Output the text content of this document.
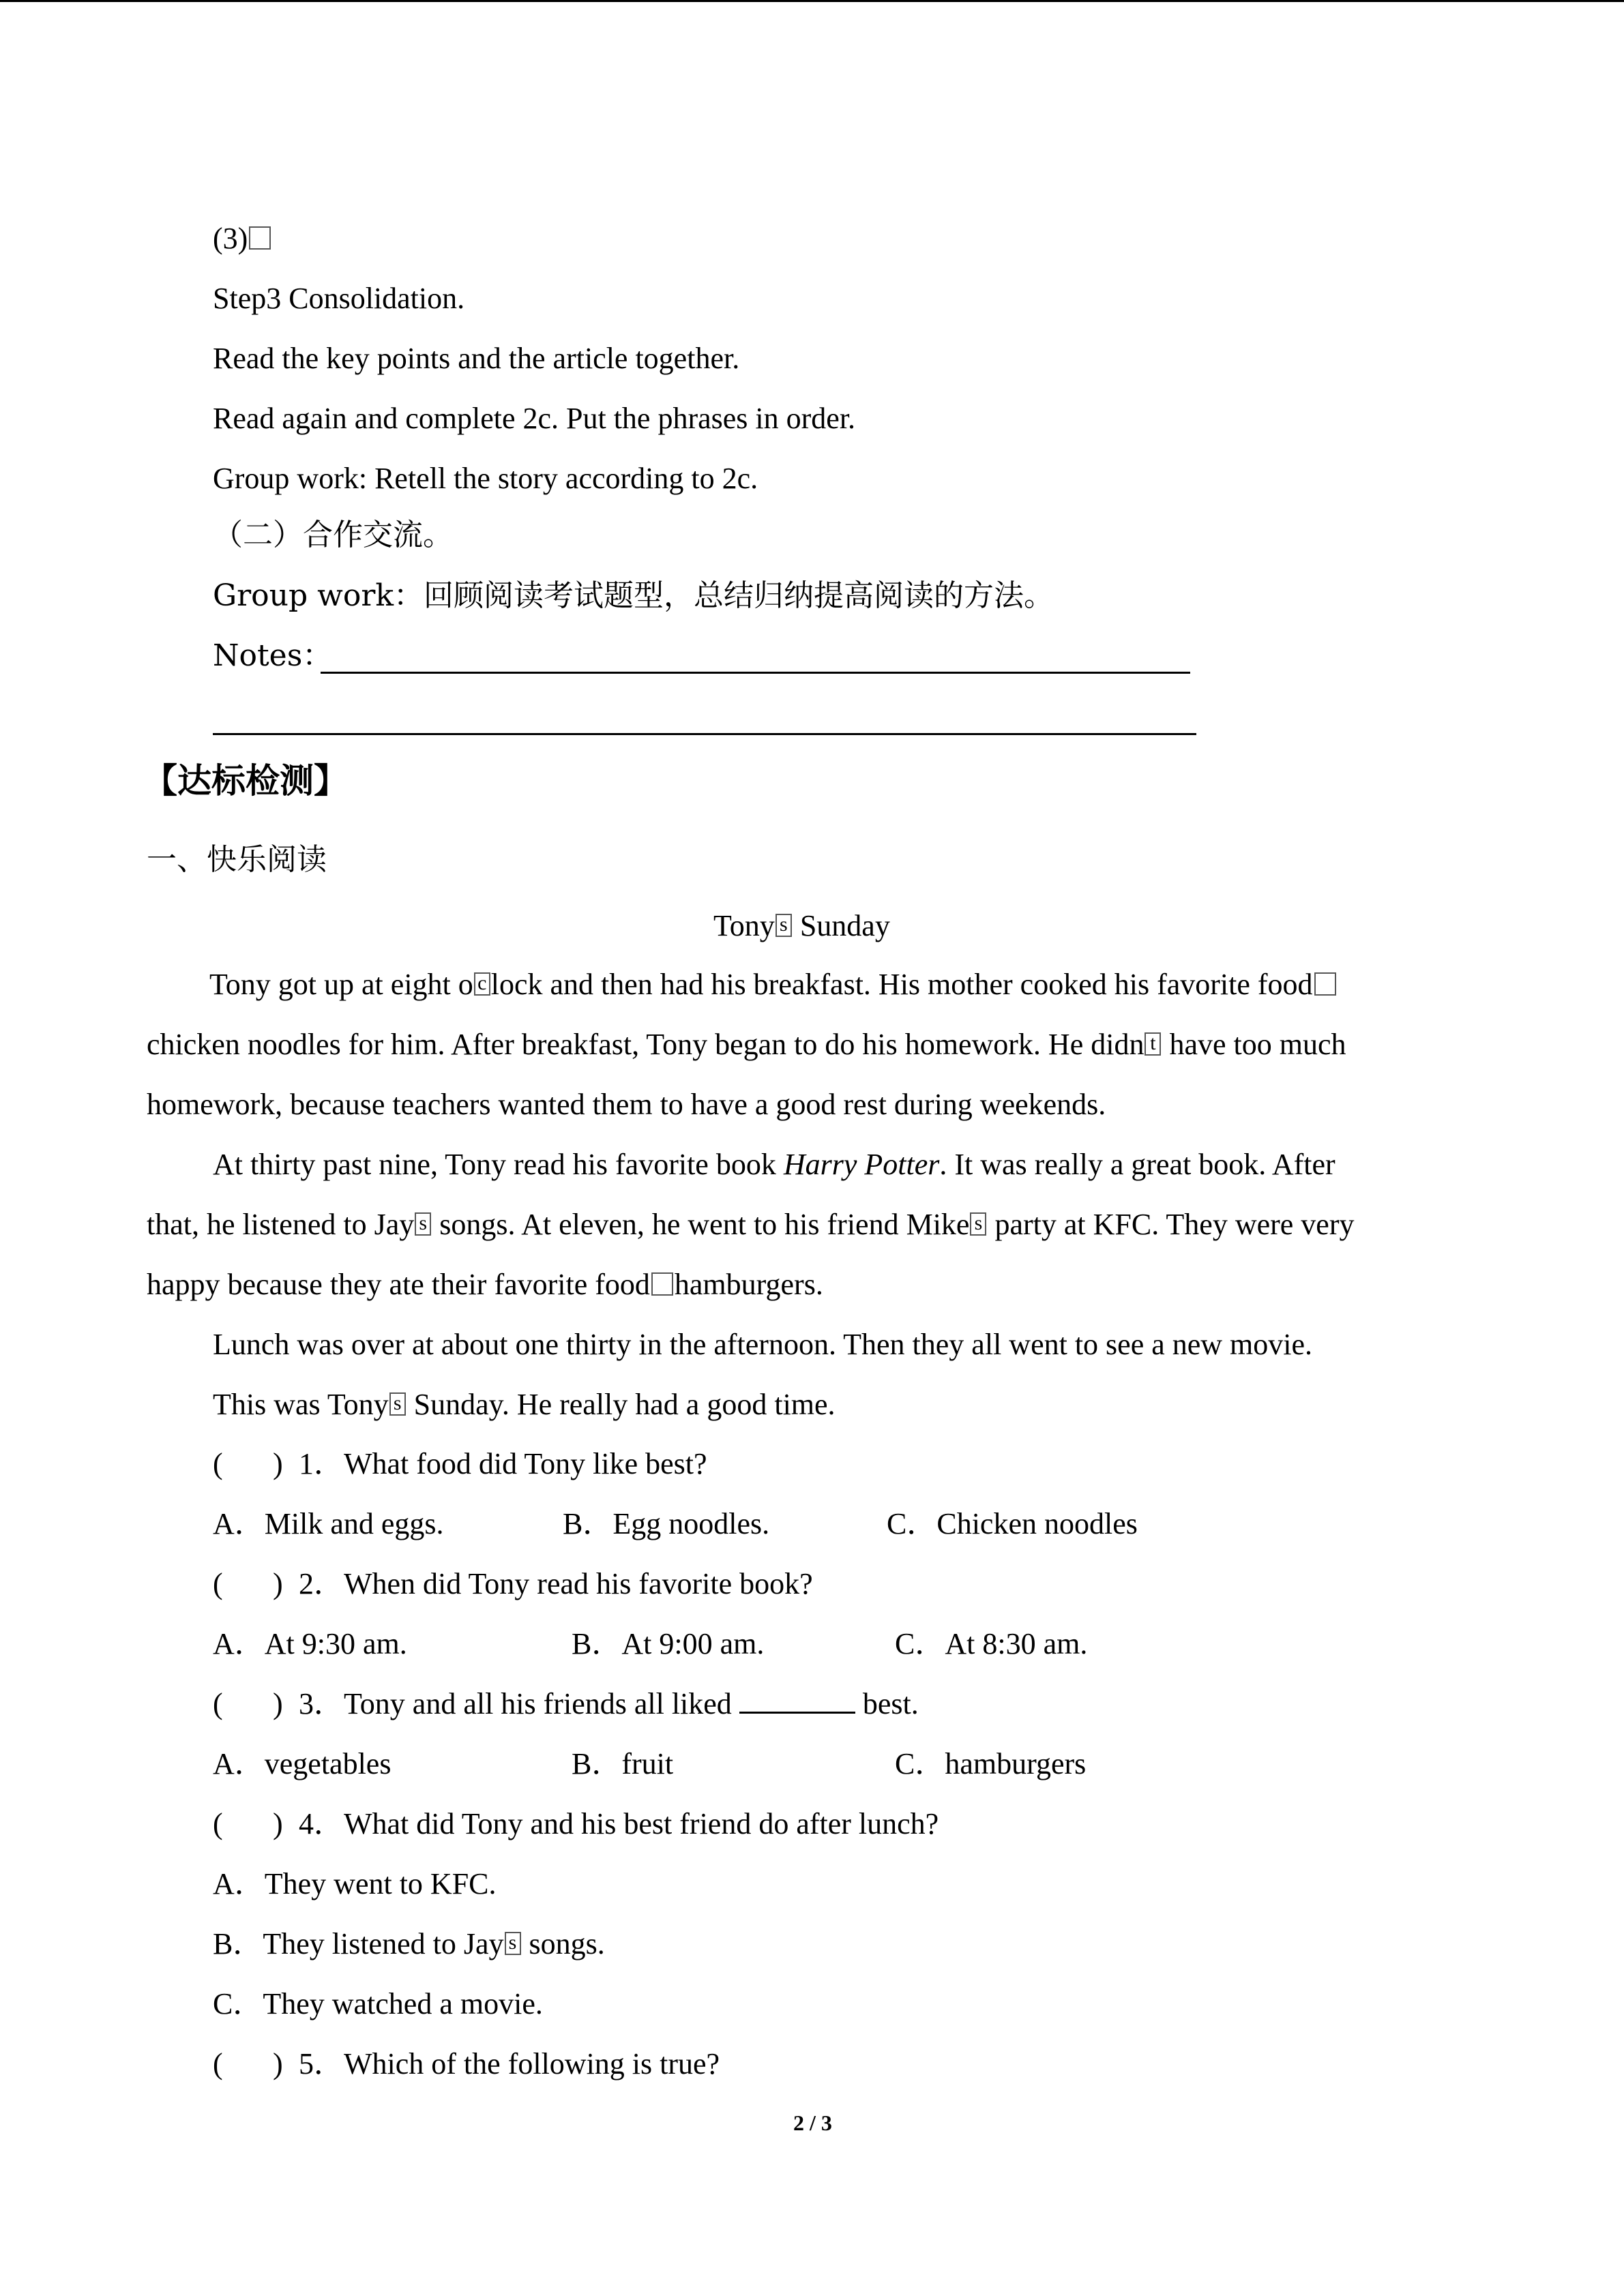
(3)
Step3 Consolidation.
Read the key points and the article together.
Read again and complete 2c. Put the phrases in order.
Group work: Retell the story according to 2c.
（二）合作交流。
Group work：回顾阅读考试题型，总结归纳提高阅读的方法。
Notes：
【达标检测】
一、快乐阅读
Tony s Sunday
Tony got up at eight o c lock and then had his breakfast. His mother cooked his favorite food
chicken noodles for him. After breakfast, Tony began to do his homework. He didn t have too much
homework, because teachers wanted them to have a good rest during weekends.
At thirty past nine, Tony read his favorite book Harry Potter. It was really a great book. After
that, he listened to Jay s songs. At eleven, he went to his friend Mike s party at KFC. They were very
happy because they ate their favorite food hamburgers.
Lunch was over at about one thirty in the afternoon. Then they all went to see a new movie.
This was Tony s Sunday. He really had a good time.
( ) 1．What food did Tony like best?
A．Milk and eggs.	B．Egg noodles.	C．Chicken noodles
( ) 2．When did Tony read his favorite book?
A．At 9:30 am.	B．At 9:00 am.	C．At 8:30 am.
( ) 3．Tony and all his friends all liked	best.
A．vegetables	B．fruit	C．hamburgers
( ) 4．What did Tony and his best friend do after lunch?
A．They went to KFC.
B．They listened to Jay s songs.
C．They watched a movie.
( ) 5．Which of the following is true?
2 / 3
